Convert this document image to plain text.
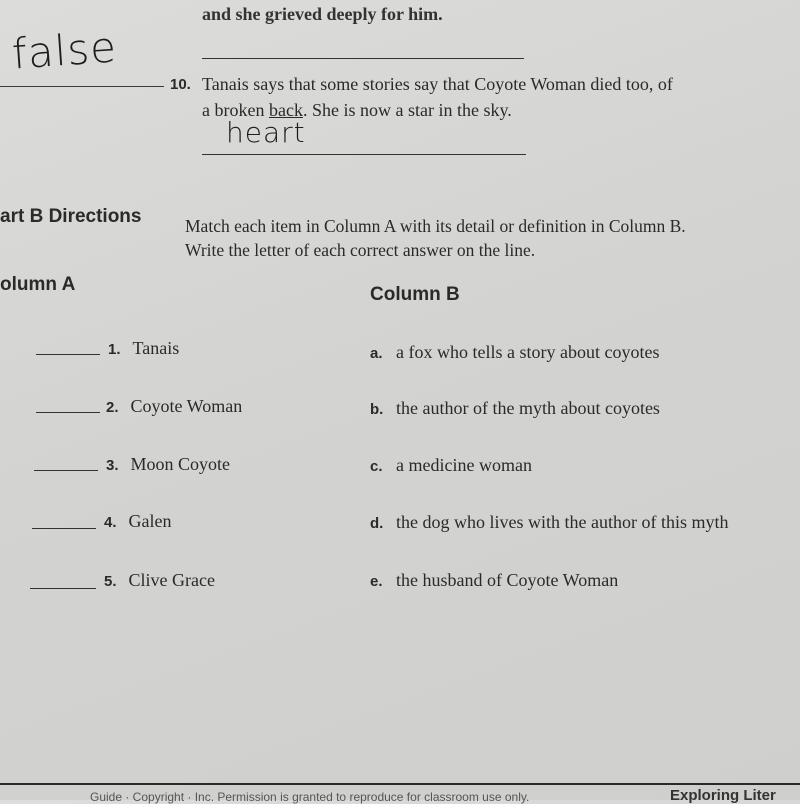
and she grieved deeply for him.
false
10. Tanais says that some stories say that Coyote Woman died too, of
a broken back. She is now a star in the sky.
heart
art B Directions Match each item in Column A with its detail or definition in Column B.
Write the letter of each correct answer on the line.
olumn A	Column B
1. Tanais
2. Coyote Woman
3. Moon Coyote
4. Galen
5. Clive Grace
a. a fox who tells a story about coyotes
b. the author of the myth about coyotes
c. a medicine woman
d. the dog who lives with the author of this myth
e. the husband of Coyote Woman
Guide · Copyright · Inc. Permission is granted to reproduce for classroom use only.	Exploring Liter
